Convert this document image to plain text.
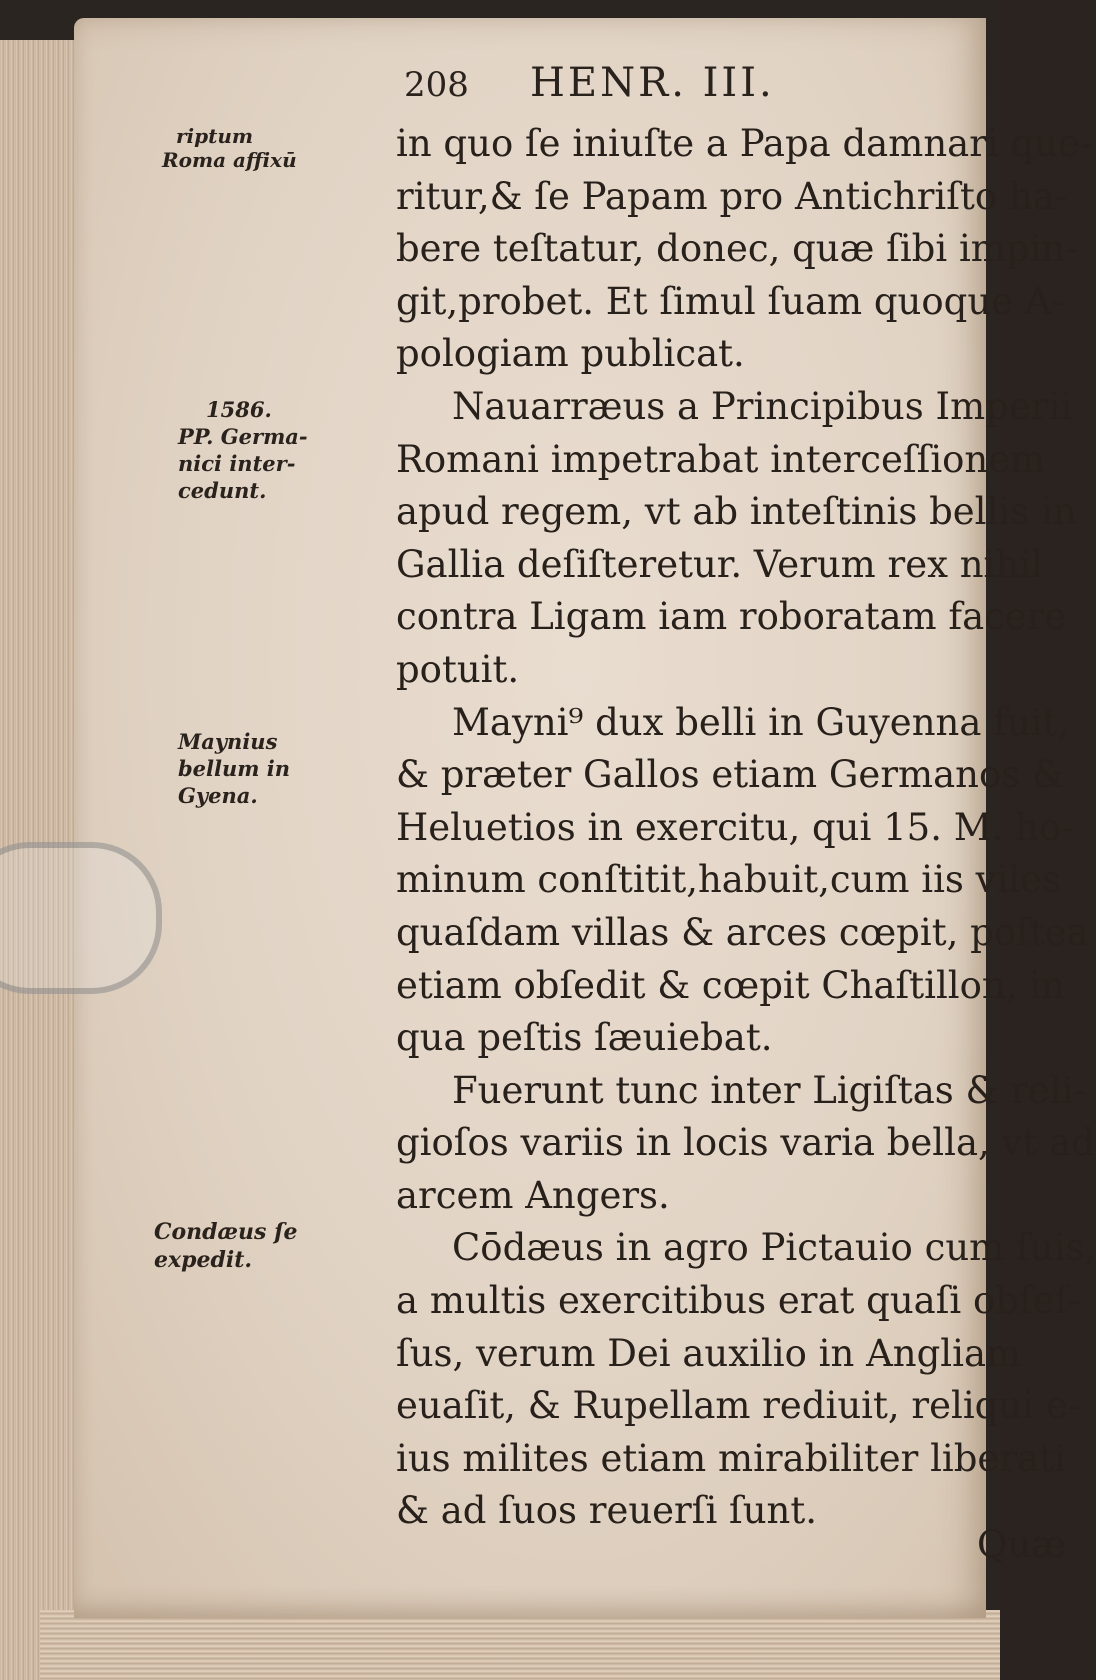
208 HENR. III.
riptum
Roma affixū
1586.
PP. Germa-
nici inter-
cedunt.
Maynius
bellum in
Gyena.
Condæus ſe
expedit.
in quo ſe iniuſte a Papa damnari que-
ritur,& ſe Papam pro Antichriſto ha-
bere teſtatur, donec, quæ ſibi impin-
git,probet. Et ſimul ſuam quoque A-
pologiam publicat.
Nauarræus a Principibus Imperii
Romani impetrabat interceſſionem
apud regem, vt ab inteſtinis bellis in
Gallia deſiſteretur. Verum rex nihil
contra Ligam iam roboratam facere
potuit.
Mayni⁹ dux belli in Guyenna fuit,
& præter Gallos etiam Germanos &
Heluetios in exercitu, qui 15. M. ho-
minum conſtitit,habuit,cum iis viles
quaſdam villas & arces cœpit, poſtea
etiam obſedit & cœpit Chaſtillon, in
qua peſtis ſæuiebat.
Fuerunt tunc inter Ligiſtas & reli-
gioſos variis in locis varia bella, vt ad
arcem Angers.
Cōdæus in agro Pictauio cum ſuis,
a multis exercitibus erat quaſi obſeſ-
ſus, verum Dei auxilio in Angliam
euaſit, & Rupellam rediuit, reliqui e-
ius milites etiam mirabiliter liberati
& ad ſuos reuerſi ſunt.
Quæ
